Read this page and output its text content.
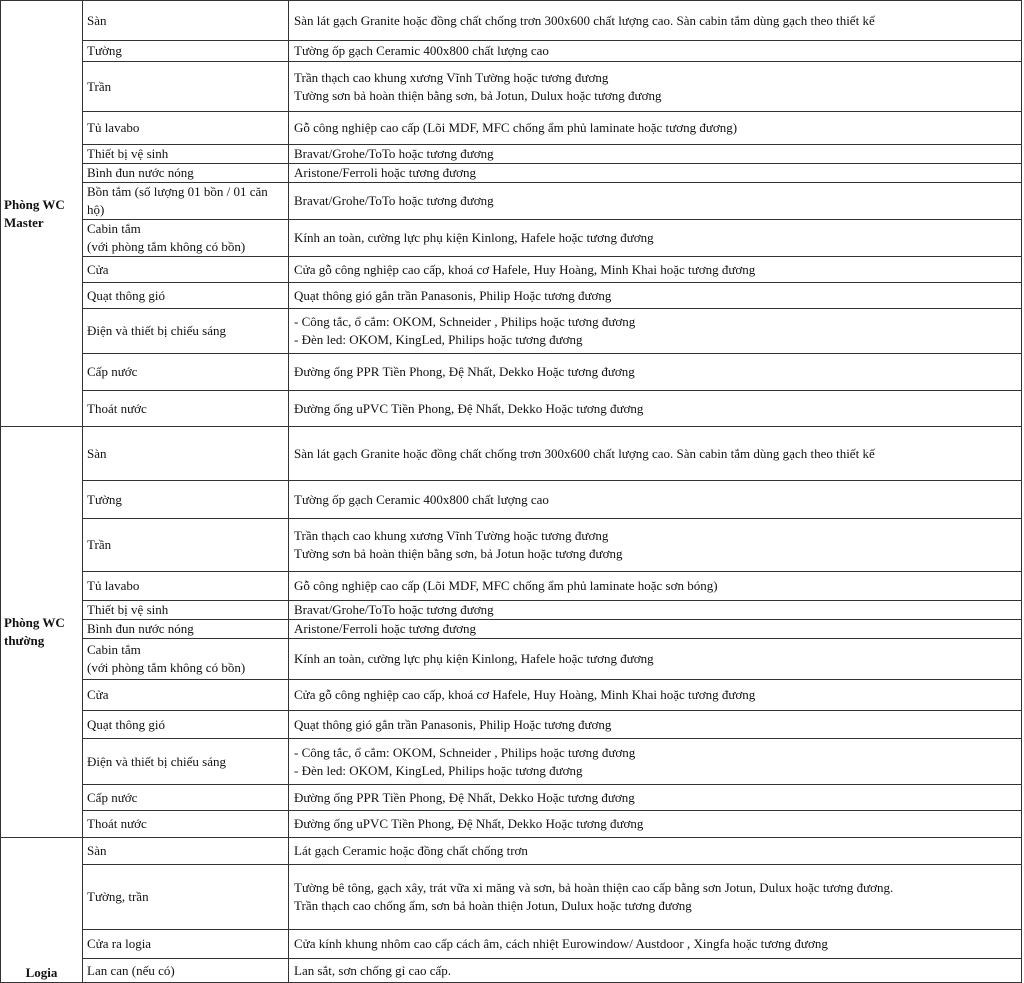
Phòng WC
Master	Sàn	Sàn lát gạch Granite hoặc đồng chất chống trơn 300x600 chất lượng cao. Sàn cabin tắm dùng gạch theo thiết kế
	Tường	Tường ốp gạch Ceramic 400x800 chất lượng cao
	Trần	Trần thạch cao khung xương Vĩnh Tường hoặc tương đương
Tường sơn bả hoàn thiện bằng sơn, bả Jotun, Dulux hoặc tương đương
	Tủ lavabo	Gỗ công nghiệp cao cấp (Lõi MDF, MFC chống ẩm phủ laminate hoặc tương đương)
	Thiết bị vệ sinh	Bravat/Grohe/ToTo hoặc tương đương
	Bình đun nước nóng	Aristone/Ferroli hoặc tương đương
	Bồn tắm (số lượng 01 bồn / 01 căn hộ)	Bravat/Grohe/ToTo hoặc tương đương
	Cabin tắm
(với phòng tắm không có bồn)	Kính an toàn, cường lực phụ kiện Kinlong, Hafele hoặc tương đương
	Cửa	Cửa gỗ công nghiệp cao cấp, khoá cơ Hafele, Huy Hoàng, Minh Khai hoặc tương đương
	Quạt thông gió	Quạt thông gió gắn trần Panasonis, Philip Hoặc tương đương
	Điện và thiết bị chiếu sáng	- Công tắc, ổ cắm: OKOM, Schneider , Philips hoặc tương đương
- Đèn led: OKOM, KingLed, Philips hoặc tương đương
	Cấp nước	Đường ống PPR Tiền Phong, Đệ Nhất, Dekko Hoặc tương đương
	Thoát nước	Đường ống uPVC Tiền Phong, Đệ Nhất, Dekko Hoặc tương đương
Phòng WC
thường	Sàn	Sàn lát gạch Granite hoặc đồng chất chống trơn 300x600 chất lượng cao. Sàn cabin tắm dùng gạch theo thiết kế
	Tường	Tường ốp gạch Ceramic 400x800 chất lượng cao
	Trần	Trần thạch cao khung xương Vĩnh Tường hoặc tương đương
Tường sơn bả hoàn thiện bằng sơn, bả Jotun hoặc tương đương
	Tủ lavabo	Gỗ công nghiệp cao cấp (Lõi MDF, MFC chống ẩm phủ laminate hoặc sơn bóng)
	Thiết bị vệ sinh	Bravat/Grohe/ToTo hoặc tương đương
	Bình đun nước nóng	Aristone/Ferroli hoặc tương đương
	Cabin tắm
(với phòng tắm không có bồn)	Kính an toàn, cường lực phụ kiện Kinlong, Hafele hoặc tương đương
	Cửa	Cửa gỗ công nghiệp cao cấp, khoá cơ Hafele, Huy Hoàng, Minh Khai hoặc tương đương
	Quạt thông gió	Quạt thông gió gắn trần Panasonis, Philip Hoặc tương đương
	Điện và thiết bị chiếu sáng	- Công tắc, ổ cắm: OKOM, Schneider , Philips hoặc tương đương
- Đèn led: OKOM, KingLed, Philips hoặc tương đương
	Cấp nước	Đường ống PPR Tiền Phong, Đệ Nhất, Dekko Hoặc tương đương
	Thoát nước	Đường ống uPVC Tiền Phong, Đệ Nhất, Dekko Hoặc tương đương
Logia	Sàn	Lát gạch Ceramic hoặc đồng chất chống trơn
	Tường, trần	Tường bê tông, gạch xây, trát vữa xi măng và sơn, bả hoàn thiện cao cấp bằng sơn Jotun, Dulux hoặc tương đương.
Trần thạch cao chống ẩm, sơn bả hoàn thiện Jotun, Dulux hoặc tương đương
	Cửa ra logia	Cửa kính khung nhôm cao cấp cách âm, cách nhiệt Eurowindow/ Austdoor , Xingfa hoặc tương đương
	Lan can (nếu có)	Lan sắt, sơn chống gỉ cao cấp.
